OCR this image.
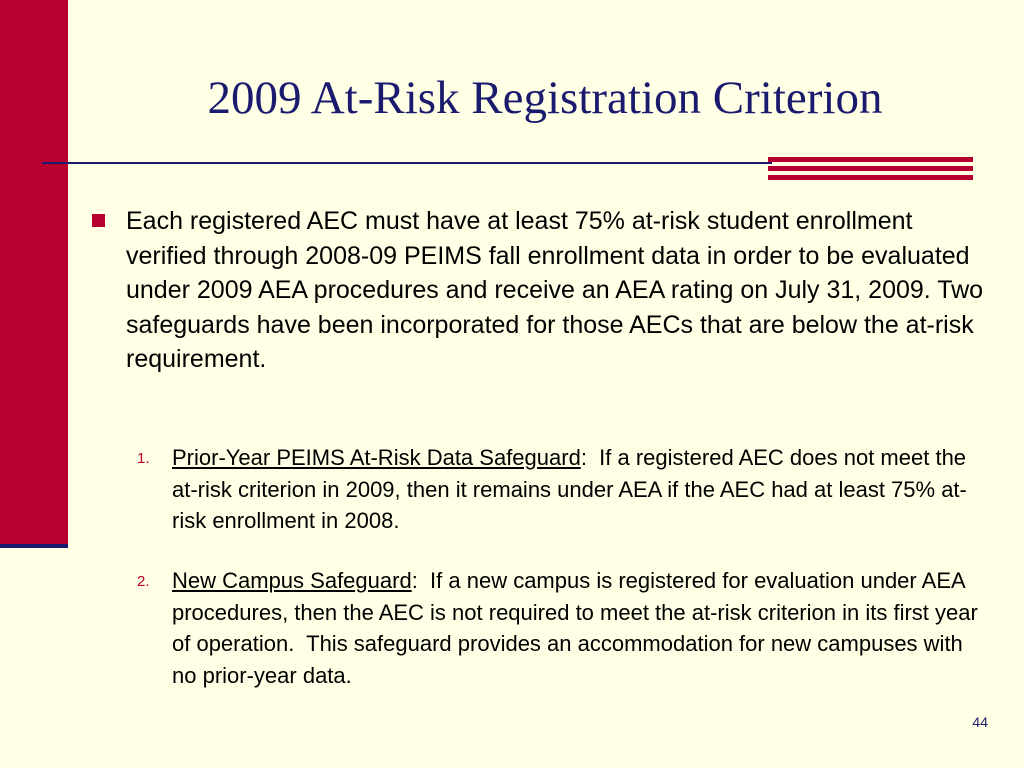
2009 At-Risk Registration Criterion
Each registered AEC must have at least 75% at-risk student enrollment verified through 2008-09 PEIMS fall enrollment data in order to be evaluated under 2009 AEA procedures and receive an AEA rating on July 31, 2009. Two safeguards have been incorporated for those AECs that are below the at-risk requirement.
1. Prior-Year PEIMS At-Risk Data Safeguard:  If a registered AEC does not meet the at-risk criterion in 2009, then it remains under AEA if the AEC had at least 75% at-risk enrollment in 2008.
2. New Campus Safeguard:  If a new campus is registered for evaluation under AEA procedures, then the AEC is not required to meet the at-risk criterion in its first year of operation.  This safeguard provides an accommodation for new campuses with no prior-year data.
44
